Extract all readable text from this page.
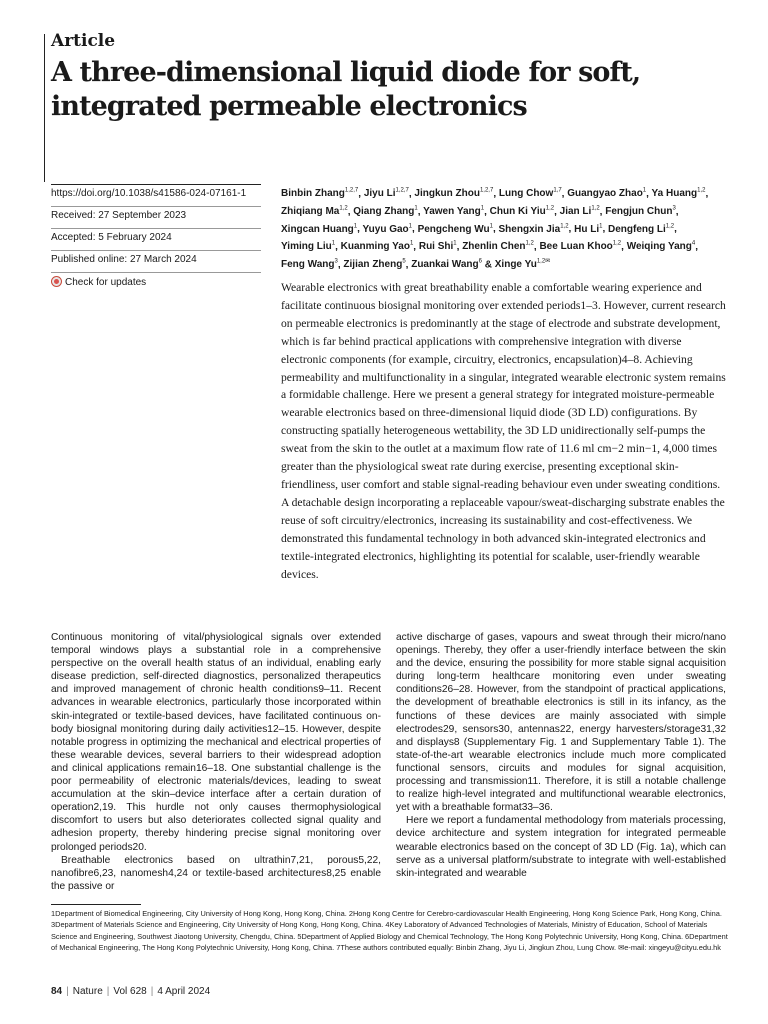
Article
A three-dimensional liquid diode for soft, integrated permeable electronics
https://doi.org/10.1038/s41586-024-07161-1
Received: 27 September 2023
Accepted: 5 February 2024
Published online: 27 March 2024
Check for updates
Binbin Zhang$^{1,2,7}$, Jiyu Li$^{1,2,7}$, Jingkun Zhou$^{1,2,7}$, Lung Chow$^{1,7}$, Guangyao Zhao$^1$, Ya Huang$^{1,2}$, Zhiqiang Ma$^{1,2}$, Qiang Zhang$^1$, Yawen Yang$^1$, Chun Ki Yiu$^{1,2}$, Jian Li$^{1,2}$, Fengjun Chun$^3$, Xingcan Huang$^1$, Yuyu Gao$^1$, Pengcheng Wu$^1$, Shengxin Jia$^{1,2}$, Hu Li$^1$, Dengfeng Li$^{1,2}$, Yiming Liu$^1$, Kuanming Yao$^1$, Rui Shi$^1$, Zhenlin Chen$^{1,2}$, Bee Luan Khoo$^{1,2}$, Weiqing Yang$^4$, Feng Wang$^3$, Zijian Zheng$^5$, Zuankai Wang$^6$ & Xinge $Yu^{1,2✉}$

Wearable electronics with great breathability enable a comfortable wearing experience and facilitate continuous biosignal monitoring over extended periods1–3. However, current research on permeable electronics is predominantly at the stage of electrode and substrate development, which is far behind practical applications with comprehensive integration with diverse electronic components (for example, circuitry, electronics, encapsulation)4–8. Achieving permeability and multifunctionality in a singular, integrated wearable electronic system remains a formidable challenge. Here we present a general strategy for integrated moisture-permeable wearable electronics based on three-dimensional liquid diode (3D LD) configurations. By constructing spatially heterogeneous wettability, the 3D LD unidirectionally self-pumps the sweat from the skin to the outlet at a maximum flow rate of 11.6 ml cm−2 min−1, 4,000 times greater than the physiological sweat rate during exercise, presenting exceptional skin-friendliness, user comfort and stable signal-reading behaviour even under sweating conditions. A detachable design incorporating a replaceable vapour/sweat-discharging substrate enables the reuse of soft circuitry/electronics, increasing its sustainability and cost-effectiveness. We demonstrated this fundamental technology in both advanced skin-integrated electronics and textile-integrated electronics, highlighting its potential for scalable, user-friendly wearable devices.

Continuous monitoring of vital/physiological signals over extended temporal windows plays a substantial role in a comprehensive perspective on the overall health status of an individual, enabling early disease prediction, self-directed diagnostics, personalized therapeutics and improved management of chronic health conditions9–11. Recent advances in wearable electronics, particularly those incorporated within skin-integrated or textile-based devices, have facilitated continuous on-body biosignal monitoring during daily activities12–15. However, despite notable progress in optimizing the mechanical and electrical properties of these wearable devices, several barriers to their widespread adoption and clinical applications remain16–18. One substantial challenge is the poor permeability of electronic materials/devices, leading to sweat accumulation at the skin–device interface after a certain duration of operation2,19. This hurdle not only causes thermophysiological discomfort to users but also deteriorates collected signal quality and adhesion property, thereby hindering precise signal monitoring over prolonged periods20.

Breathable electronics based on ultrathin7,21, porous5,22, nanofibre6,23, nanomesh4,24 or textile-based architectures8,25 enable the passive or

active discharge of gases, vapours and sweat through their micro/nano openings. Thereby, they offer a user-friendly interface between the skin and the device, ensuring the possibility for more stable signal acquisition during long-term healthcare monitoring even under sweating conditions26–28. However, from the standpoint of practical applications, the development of breathable electronics is still in its infancy, as the functions of these devices are mainly associated with simple electrodes29, sensors30, antennas22, energy harvesters/storage31,32 and displays8 (Supplementary Fig. 1 and Supplementary Table 1). The state-of-the-art wearable electronics include much more complicated functional sensors, circuits and modules for signal acquisition, processing and transmission11. Therefore, it is still a notable challenge to realize high-level integrated and multifunctional wearable electronics, yet with a breathable format33–36.

Here we report a fundamental methodology from materials processing, device architecture and system integration for integrated permeable wearable electronics based on the concept of 3D LD (Fig. 1a), which can serve as a universal platform/substrate to integrate with well-established skin-integrated and wearable

1Department of Biomedical Engineering, City University of Hong Kong, Hong Kong, China. 2Hong Kong Centre for Cerebro-cardiovascular Health Engineering, Hong Kong Science Park, Hong Kong, China. 3Department of Materials Science and Engineering, City University of Hong Kong, Hong Kong, China. 4Key Laboratory of Advanced Technologies of Materials, Ministry of Education, School of Materials Science and Engineering, Southwest Jiaotong University, Chengdu, China. 5Department of Applied Biology and Chemical Technology, The Hong Kong Polytechnic University, Hong Kong, China. 6Department of Mechanical Engineering, The Hong Kong Polytechnic University, Hong Kong, China. 7These authors contributed equally: Binbin Zhang, Jiyu Li, Jingkun Zhou, Lung Chow. ✉e-mail: xingeyu@cityu.edu.hk
84 | Nature | Vol 628 | 4 April 2024
